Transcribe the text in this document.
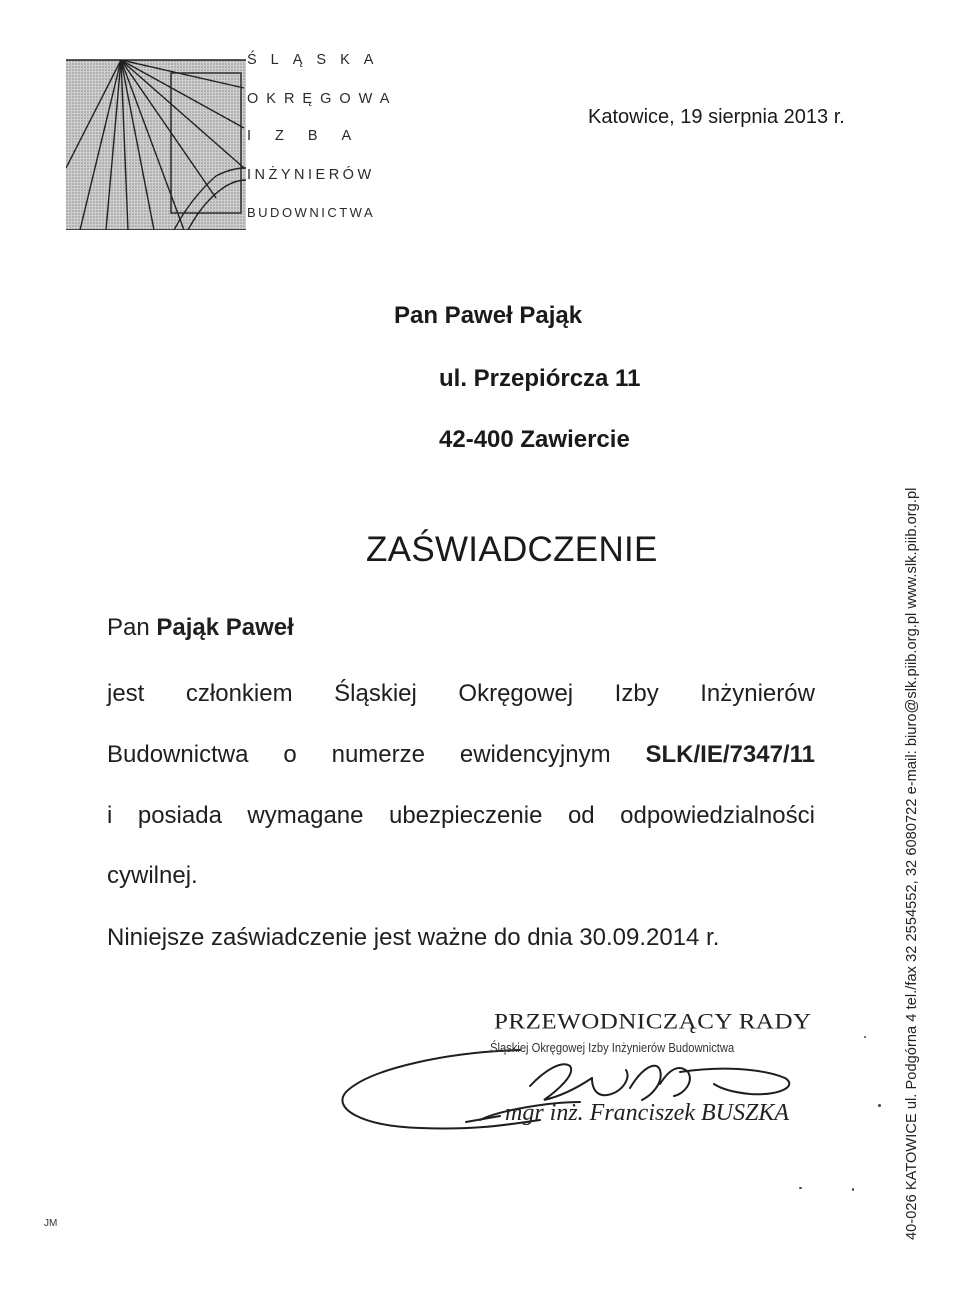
ŚLĄSKA
OKRĘGOWA
IZBA
INŻYNIERÓW
BUDOWNICTWA
Katowice, 19 sierpnia 2013 r.
Pan Paweł Pająk
ul. Przepiórcza 11
42-400 Zawiercie
ZAŚWIADCZENIE
Pan Pająk Paweł
jest członkiem Śląskiej Okręgowej Izby Inżynierów
Budownictwa o numerze ewidencyjnym SLK/IE/7347/11
i posiada wymagane ubezpieczenie od odpowiedzialności
cywilnej.
Niniejsze zaświadczenie jest ważne do dnia 30.09.2014 r.
PRZEWODNICZĄCY RADY
Śląskiej Okręgowej Izby Inżynierów Budownictwa
mgr inż. Franciszek BUSZKA
JM	40-026 KATOWICE ul. Podgórna 4 tel./fax 32 2554552, 32 6080722 e-mail: biuro@slk.piib.org.pl www.slk.piib.org.pl
